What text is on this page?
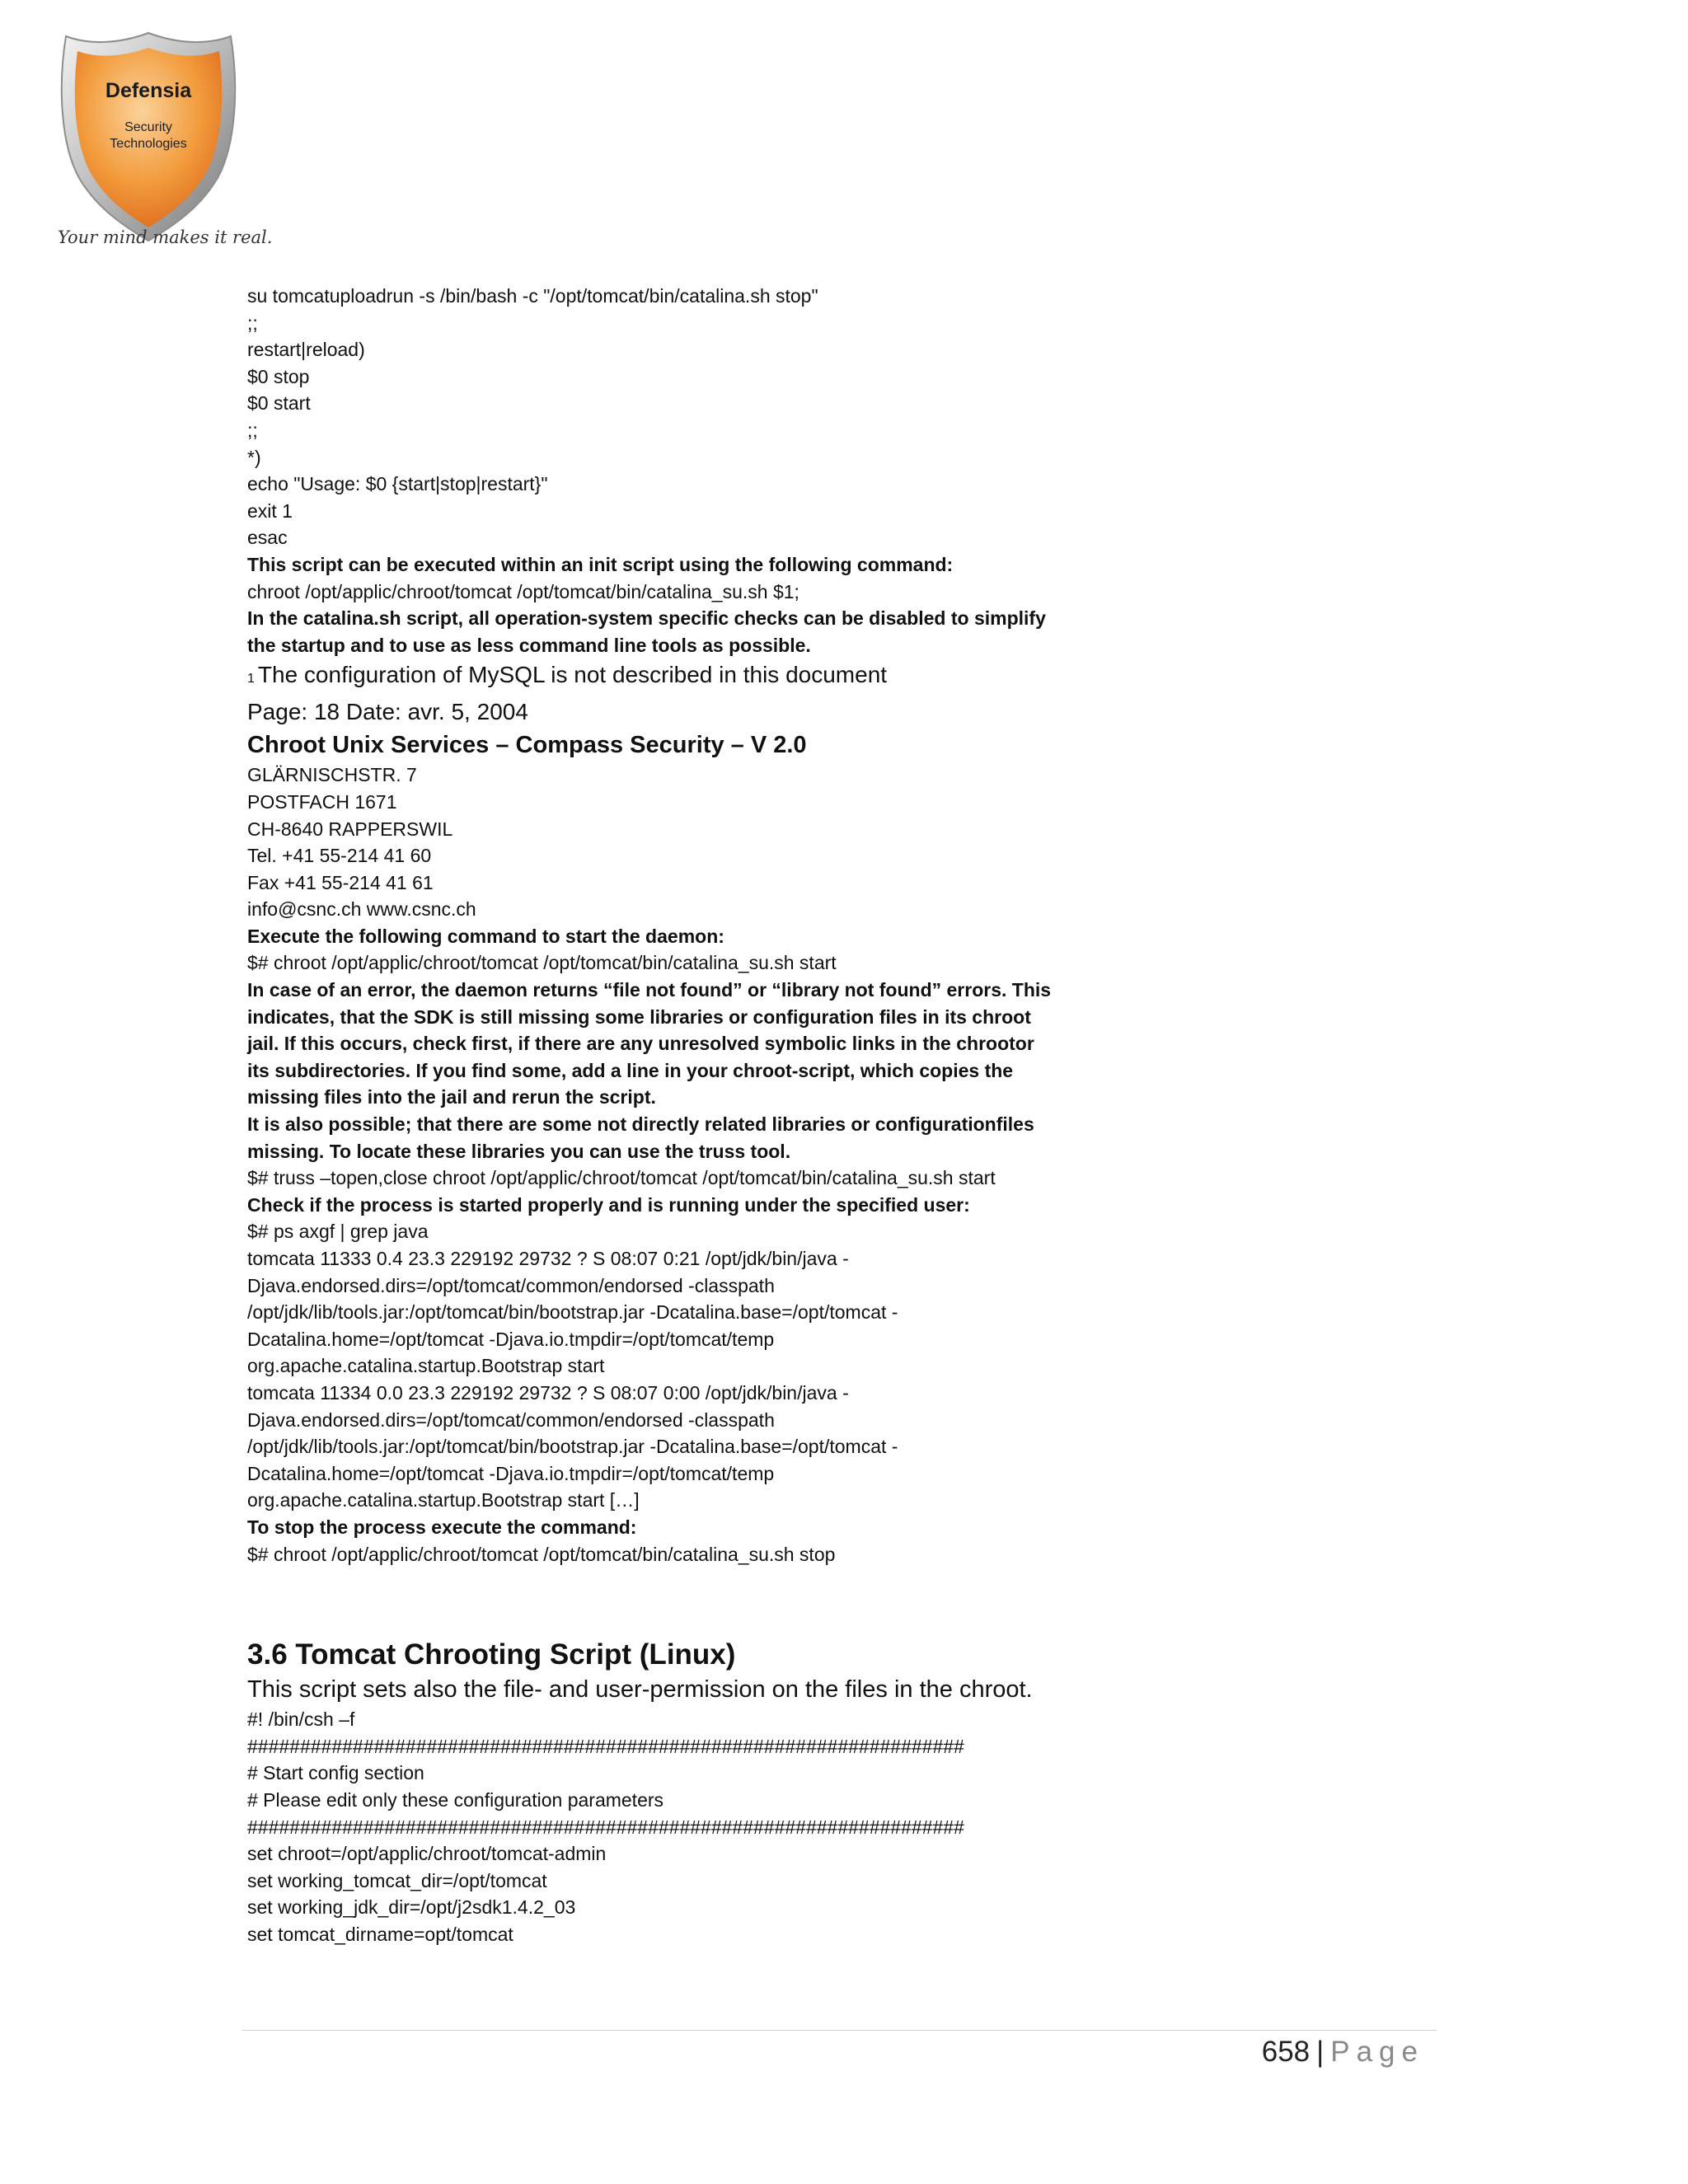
Defensia
Security
Technologies
Your mind makes it real.
su tomcatuploadrun -s /bin/bash -c "/opt/tomcat/bin/catalina.sh stop"
;;
restart|reload)
$0 stop
$0 start
;;
*)
echo "Usage: $0 {start|stop|restart}"
exit 1
esac
This script can be executed within an init script using the following command:
chroot /opt/applic/chroot/tomcat /opt/tomcat/bin/catalina_su.sh $1;
In the catalina.sh script, all operation-system specific checks can be disabled to simplify
the startup and to use as less command line tools as possible.
1 The configuration of MySQL is not described in this document
Page: 18 Date: avr. 5, 2004
Chroot Unix Services – Compass Security – V 2.0
GLÄRNISCHSTR. 7
POSTFACH 1671
CH-8640 RAPPERSWIL
Tel. +41 55-214 41 60
Fax +41 55-214 41 61
info@csnc.ch www.csnc.ch
Execute the following command to start the daemon:
$# chroot /opt/applic/chroot/tomcat /opt/tomcat/bin/catalina_su.sh start
In case of an error, the daemon returns “file not found” or “library not found” errors. This
indicates, that the SDK is still missing some libraries or configuration files in its chroot
jail. If this occurs, check first, if there are any unresolved symbolic links in the chrootor
its subdirectories. If you find some, add a line in your chroot-script, which copies the
missing files into the jail and rerun the script.
It is also possible; that there are some not directly related libraries or configurationfiles
missing. To locate these libraries you can use the truss tool.
$# truss –topen,close chroot /opt/applic/chroot/tomcat /opt/tomcat/bin/catalina_su.sh start
Check if the process is started properly and is running under the specified user:
$# ps axgf | grep java
tomcata 11333 0.4 23.3 229192 29732 ? S 08:07 0:21 /opt/jdk/bin/java -
Djava.endorsed.dirs=/opt/tomcat/common/endorsed -classpath
/opt/jdk/lib/tools.jar:/opt/tomcat/bin/bootstrap.jar -Dcatalina.base=/opt/tomcat -
Dcatalina.home=/opt/tomcat -Djava.io.tmpdir=/opt/tomcat/temp
org.apache.catalina.startup.Bootstrap start
tomcata 11334 0.0 23.3 229192 29732 ? S 08:07 0:00 /opt/jdk/bin/java -
Djava.endorsed.dirs=/opt/tomcat/common/endorsed -classpath
/opt/jdk/lib/tools.jar:/opt/tomcat/bin/bootstrap.jar -Dcatalina.base=/opt/tomcat -
Dcatalina.home=/opt/tomcat -Djava.io.tmpdir=/opt/tomcat/temp
org.apache.catalina.startup.Bootstrap start […]
To stop the process execute the command:
$# chroot /opt/applic/chroot/tomcat /opt/tomcat/bin/catalina_su.sh stop
3.6 Tomcat Chrooting Script (Linux)
This script sets also the file- and user-permission on the files in the chroot.
#! /bin/csh –f
####################################################################
# Start config section
# Please edit only these configuration parameters
####################################################################
set chroot=/opt/applic/chroot/tomcat-admin
set working_tomcat_dir=/opt/tomcat
set working_jdk_dir=/opt/j2sdk1.4.2_03
set tomcat_dirname=opt/tomcat
658 | Page
